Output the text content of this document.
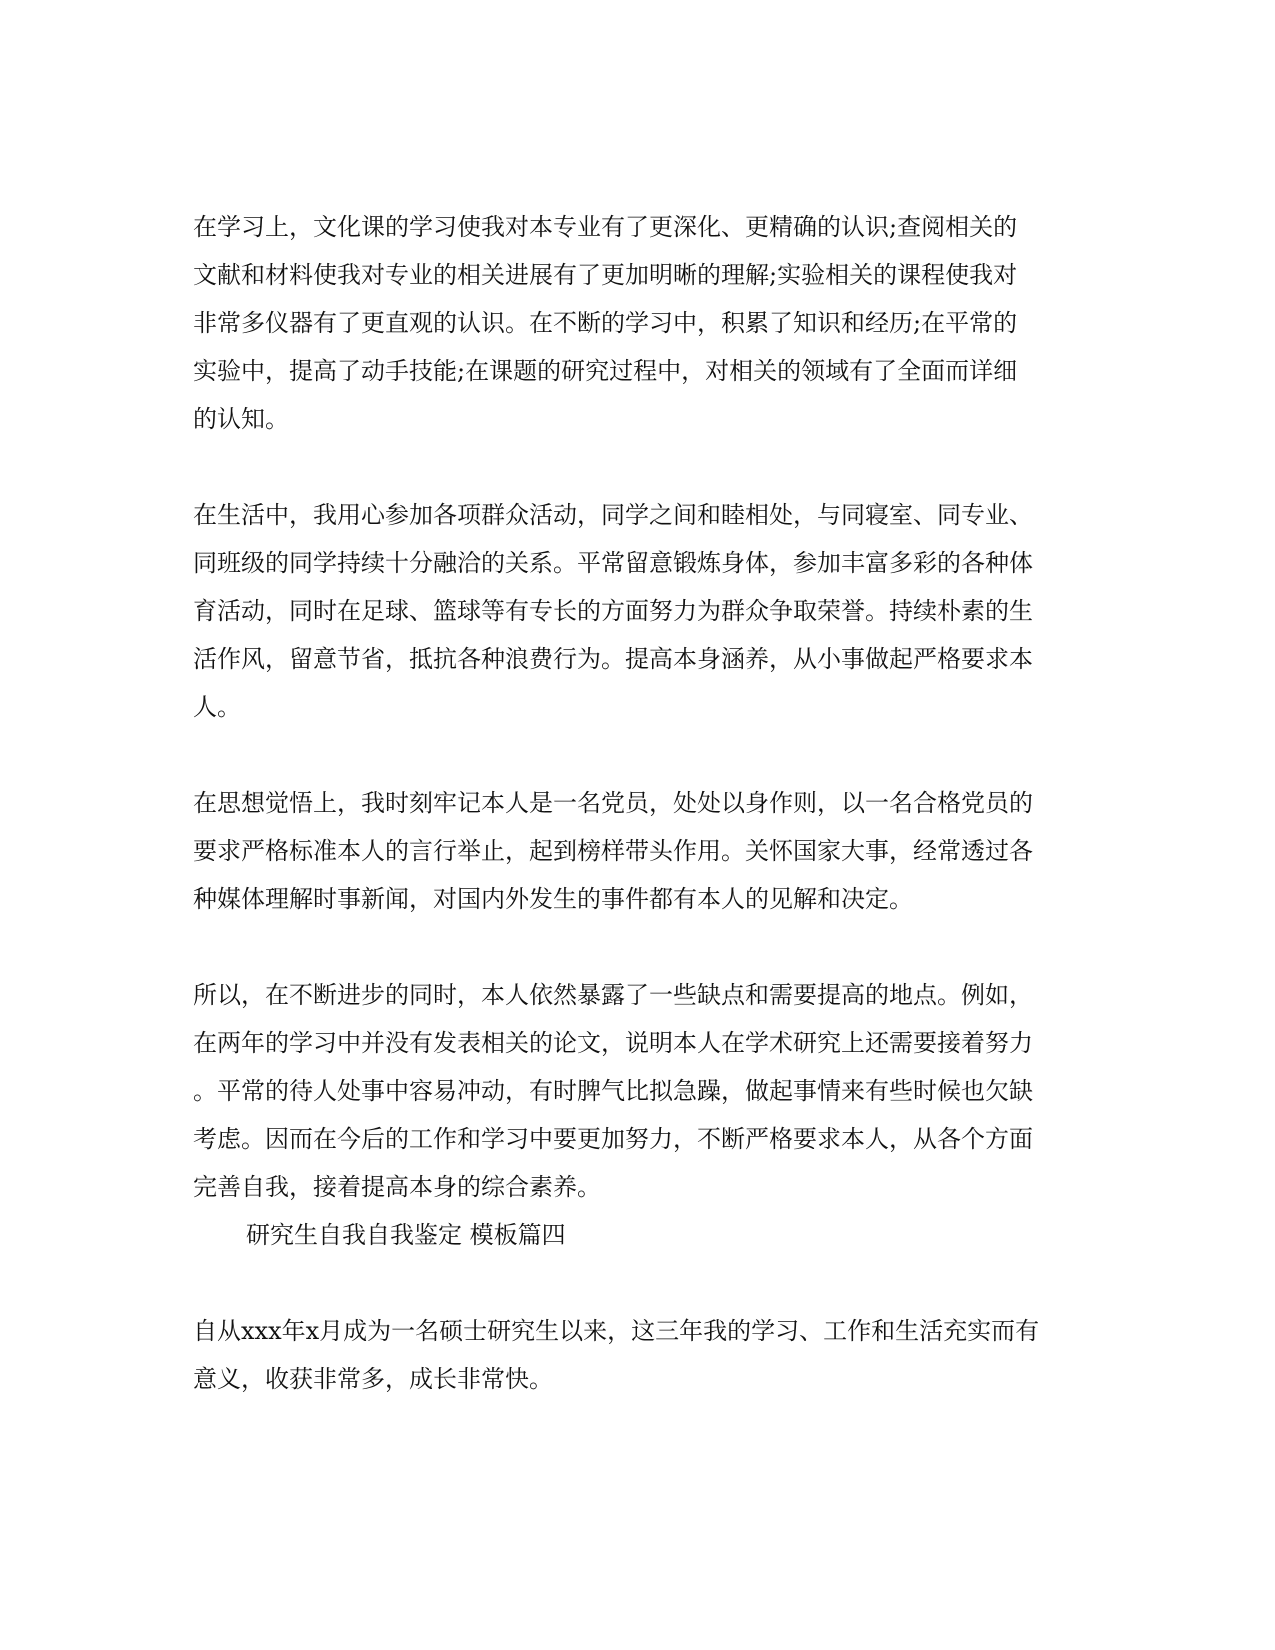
在学习上，文化课的学习使我对本专业有了更深化、更精确的认识;查阅相关的
文献和材料使我对专业的相关进展有了更加明晰的理解;实验相关的课程使我对
非常多仪器有了更直观的认识。在不断的学习中，积累了知识和经历;在平常的
实验中，提高了动手技能;在课题的研究过程中，对相关的领域有了全面而详细
的认知。
在生活中，我用心参加各项群众活动，同学之间和睦相处，与同寝室、同专业、
同班级的同学持续十分融洽的关系。平常留意锻炼身体，参加丰富多彩的各种体
育活动，同时在足球、篮球等有专长的方面努力为群众争取荣誉。持续朴素的生
活作风，留意节省，抵抗各种浪费行为。提高本身涵养，从小事做起严格要求本
人。
在思想觉悟上，我时刻牢记本人是一名党员，处处以身作则，以一名合格党员的
要求严格标准本人的言行举止，起到榜样带头作用。关怀国家大事，经常透过各
种媒体理解时事新闻，对国内外发生的事件都有本人的见解和决定。
所以，在不断进步的同时，本人依然暴露了一些缺点和需要提高的地点。例如，
在两年的学习中并没有发表相关的论文，说明本人在学术研究上还需要接着努力
。平常的待人处事中容易冲动，有时脾气比拟急躁，做起事情来有些时候也欠缺
考虑。因而在今后的工作和学习中要更加努力，不断严格要求本人，从各个方面
完善自我，接着提高本身的综合素养。
研究生自我自我鉴定 模板篇四
自从xxx年x月成为一名硕士研究生以来，这三年我的学习、工作和生活充实而有
意义，收获非常多，成长非常快。
